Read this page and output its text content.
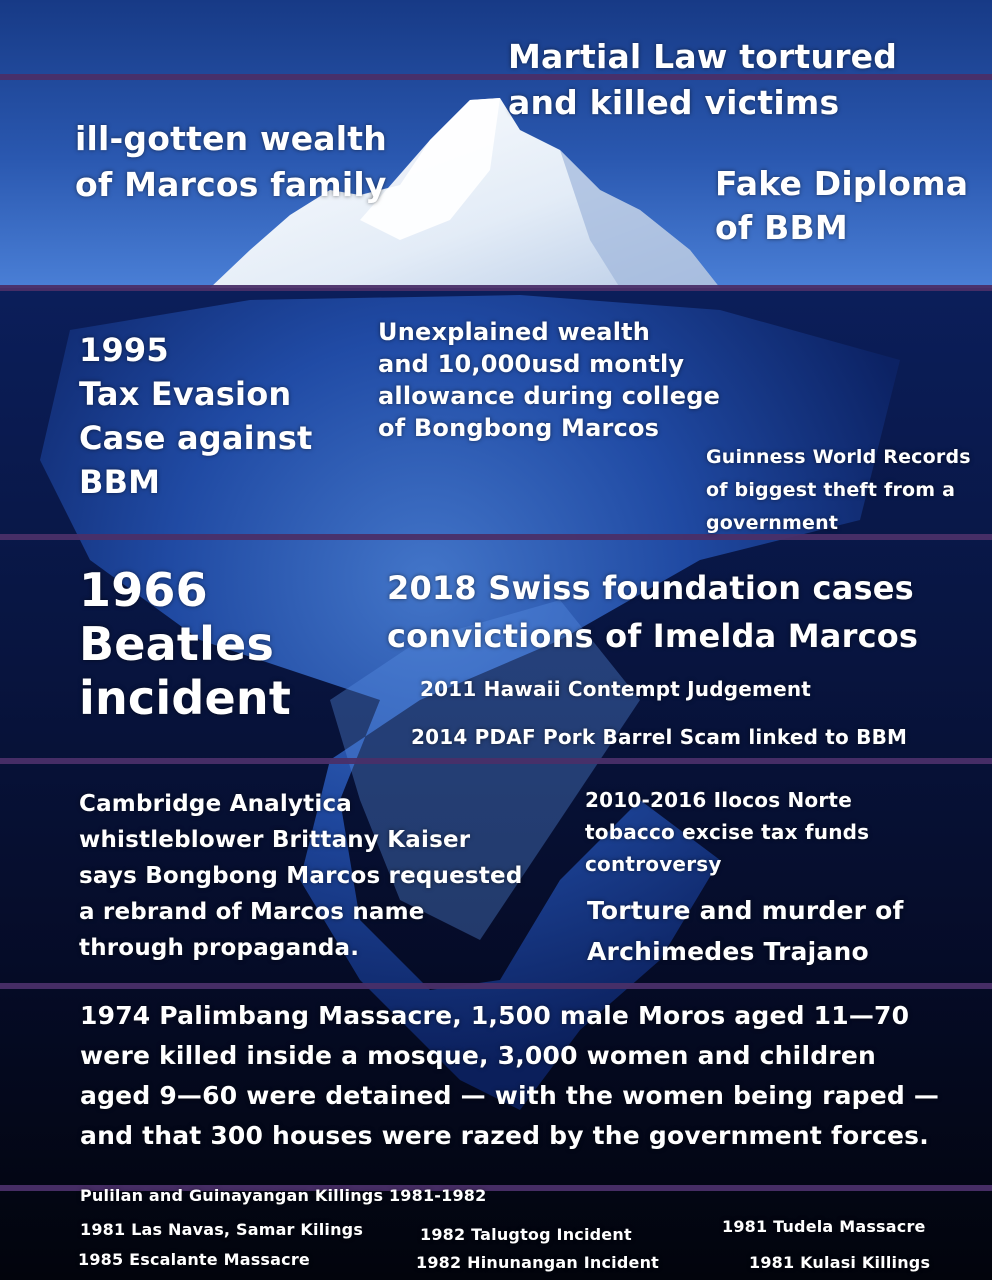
Martial Law tortured
and killed victims
ill-gotten wealth
of Marcos family	Fake Diploma
of BBM
1995
Tax Evasion
Case against
BBM
Unexplained wealth
and 10,000usd montly
allowance during college
of Bongbong Marcos
Guinness World Records
of biggest theft from a
government
1966
Beatles
incident
2018 Swiss foundation cases
convictions of Imelda Marcos
2011 Hawaii Contempt Judgement
2014 PDAF Pork Barrel Scam linked to BBM
Cambridge Analytica
whistleblower Brittany Kaiser
says Bongbong Marcos requested
a rebrand of Marcos name
through propaganda.
2010-2016 Ilocos Norte
tobacco excise tax funds
controversy
Torture and murder of
Archimedes Trajano
1974 Palimbang Massacre, 1,500 male Moros aged 11—70
were killed inside a mosque, 3,000 women and children
aged 9—60 were detained — with the women being raped —
and that 300 houses were razed by the government forces.
Pulilan and Guinayangan Killings 1981-1982
1981 Las Navas, Samar Kilings
1985 Escalante Massacre
1982 Talugtog Incident
1982 Hinunangan Incident
1981 Tudela Massacre
1981 Kulasi Killings
